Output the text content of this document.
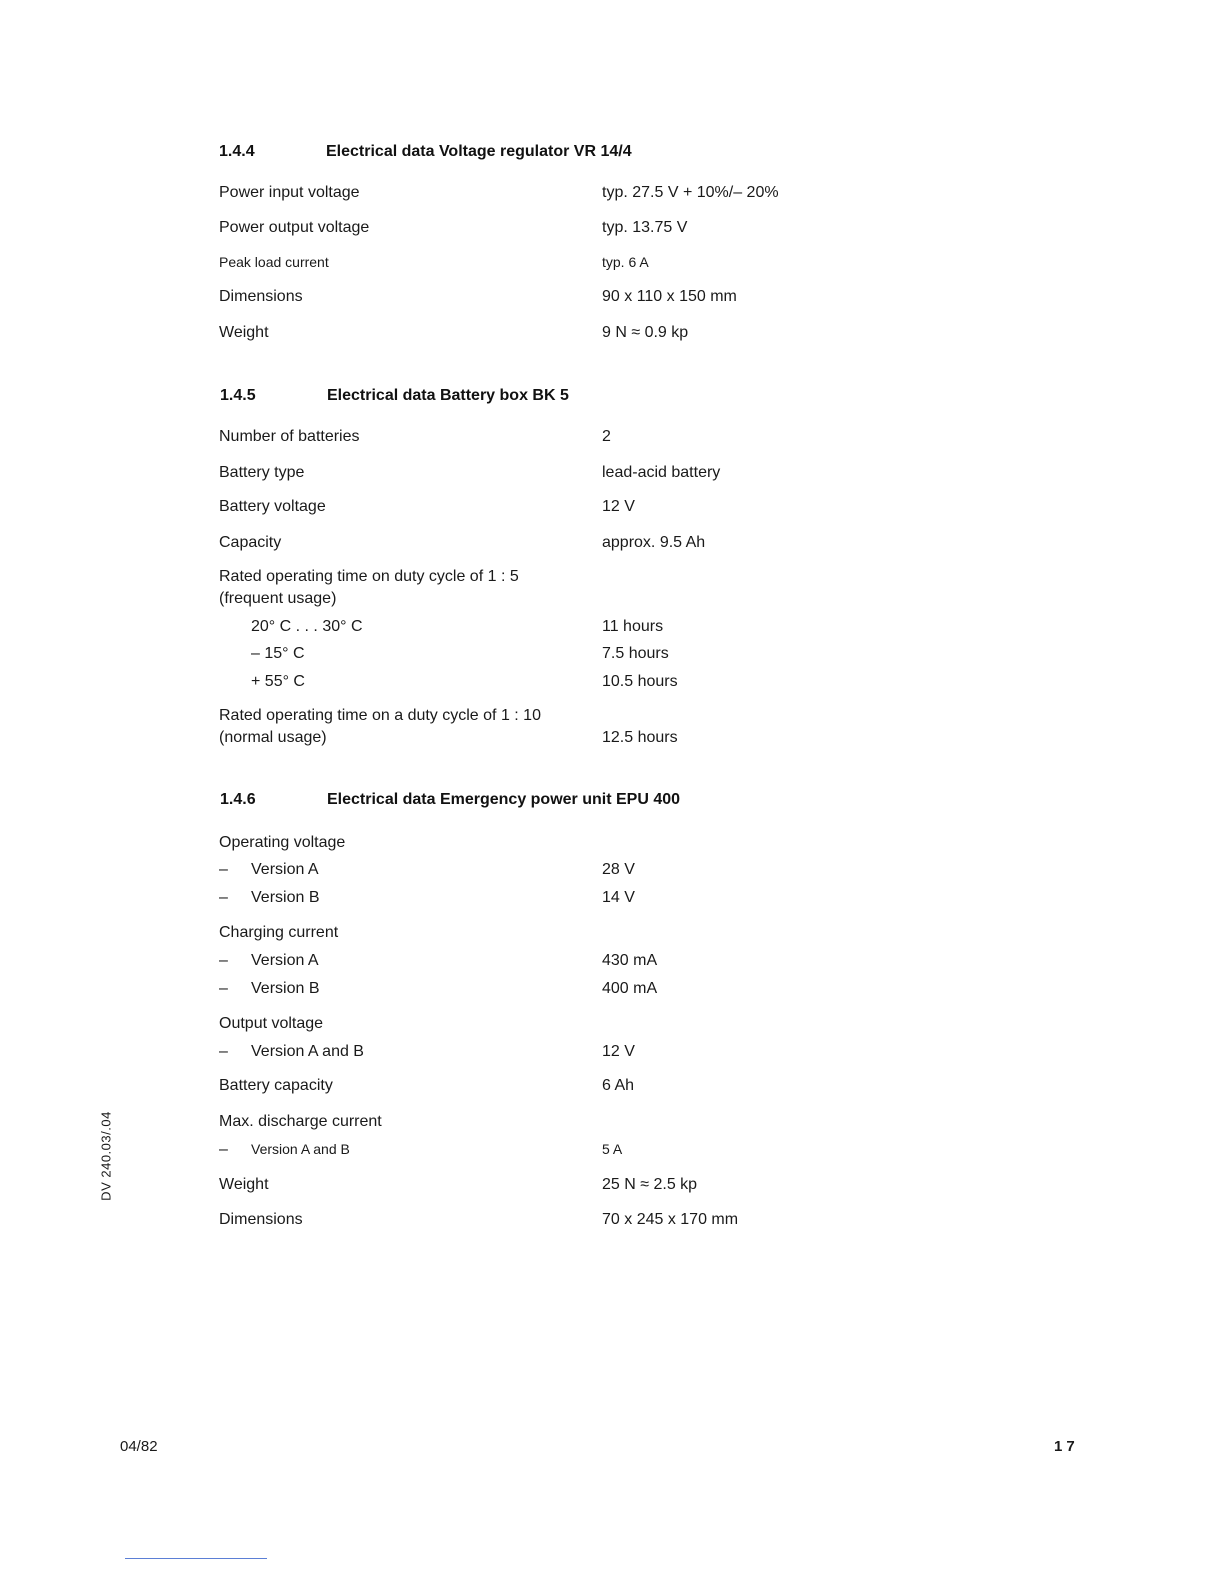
1.4.4	Electrical data Voltage regulator VR 14/4
Power input voltage	typ. 27.5 V + 10%/– 20%
Power output voltage	typ. 13.75 V
Peak load current	typ. 6 A
Dimensions	90 x 110 x 150 mm
Weight	9 N ≈ 0.9 kp
1.4.5	Electrical data Battery box BK 5
Number of batteries	2
Battery type	lead-acid battery
Battery voltage	12 V
Capacity	approx. 9.5 Ah
Rated operating time on duty cycle of 1 : 5
(frequent usage)
20° C . . . 30° C	11 hours
– 15° C	7.5 hours
+ 55° C	10.5 hours
Rated operating time on a duty cycle of 1 : 10
(normal usage)	12.5 hours
1.4.6	Electrical data Emergency power unit EPU 400
Operating voltage
– Version A	28 V
– Version B	14 V
Charging current
– Version A	430 mA
– Version B	400 mA
Output voltage
– Version A and B	12 V
Battery capacity	6 Ah
Max. discharge current
– Version A and B	5 A
Weight	25 N ≈ 2.5 kp
Dimensions	70 x 245 x 170 mm
DV 240.03/.04
04/82	17
